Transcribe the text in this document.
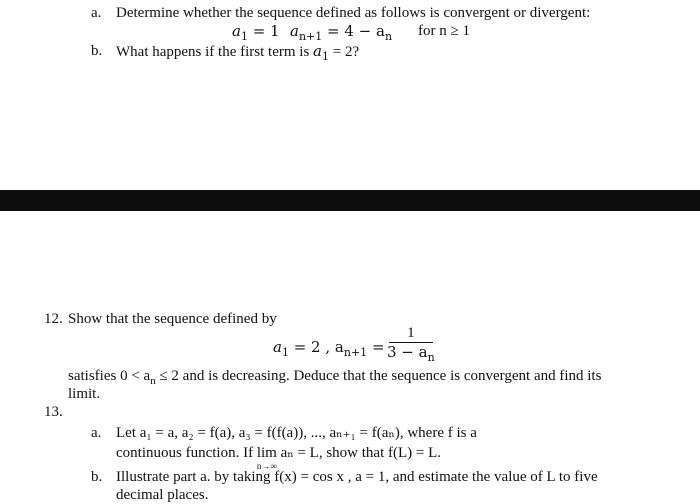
a. Determine whether the sequence defined as follows is convergent or divergent:
$a_1 = 1$ $a_{n+1} = 4 - a_n$ for n ≥ 1
b. What happens if the first term is $a_1 = 2$?
12. Show that the sequence defined by
$a_1 = 2$ , $a_{n+1}$ =
1
$3 - a_n$
satisfies $0 < a_n \le 2$ and is decreasing. Deduce that the sequence is convergent and find its
limit.
13.
a. Let a₁ = a, a₂ = f(a), a₃ = f(f(a)), ..., aₙ₊₁ = f(aₙ), where f is a
continuous function. If lim
n→∞
aₙ = L, show that f(L) = L.
b. Illustrate part a. by taking f(x) = cos x , a = 1, and estimate the value of L to five
decimal places.
